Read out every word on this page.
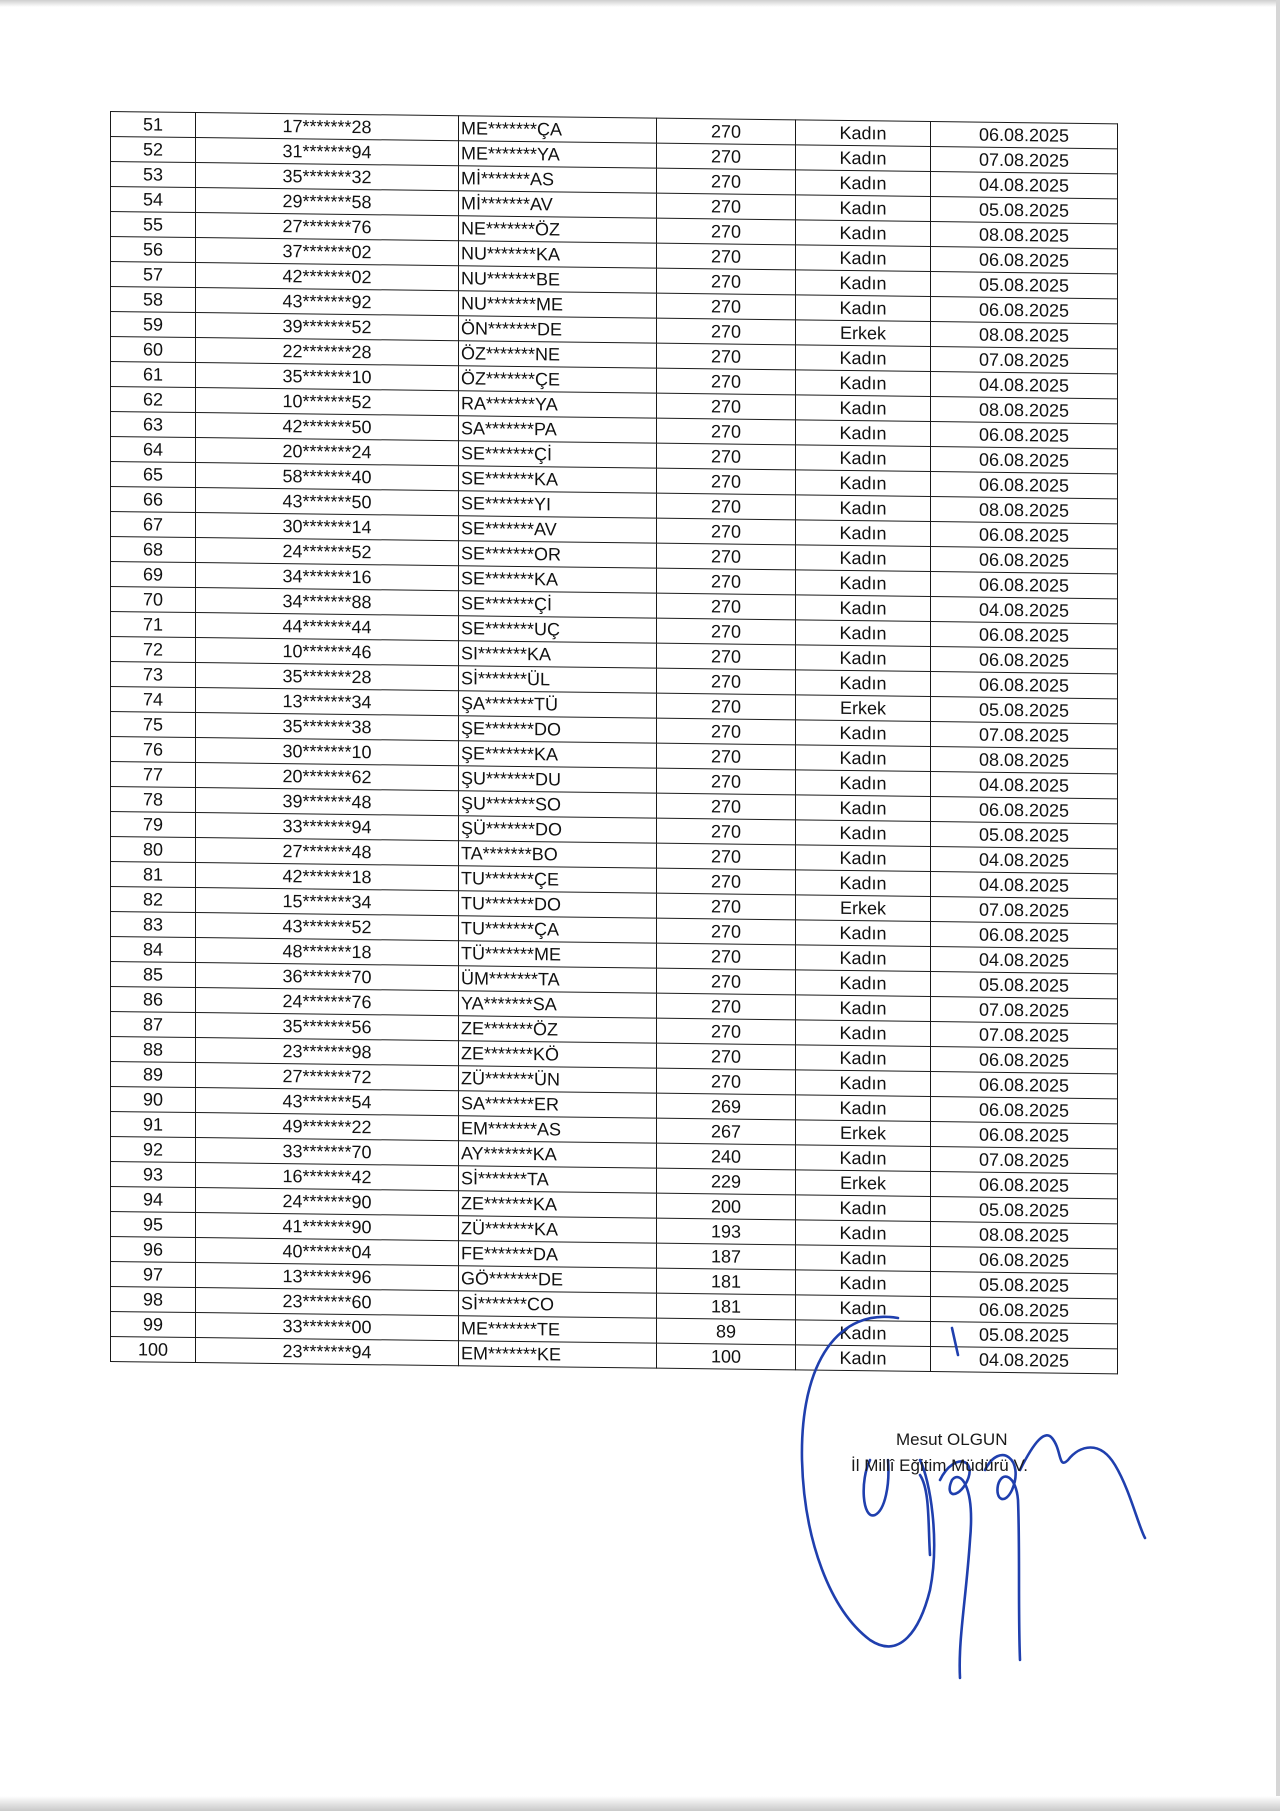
51	17*******28	ME*******ÇA	270	Kadın	06.08.2025
52	31*******94	ME*******YA	270	Kadın	07.08.2025
53	35*******32	Mİ*******AS	270	Kadın	04.08.2025
54	29*******58	Mİ*******AV	270	Kadın	05.08.2025
55	27*******76	NE*******ÖZ	270	Kadın	08.08.2025
56	37*******02	NU*******KA	270	Kadın	06.08.2025
57	42*******02	NU*******BE	270	Kadın	05.08.2025
58	43*******92	NU*******ME	270	Kadın	06.08.2025
59	39*******52	ÖN*******DE	270	Erkek	08.08.2025
60	22*******28	ÖZ*******NE	270	Kadın	07.08.2025
61	35*******10	ÖZ*******ÇE	270	Kadın	04.08.2025
62	10*******52	RA*******YA	270	Kadın	08.08.2025
63	42*******50	SA*******PA	270	Kadın	06.08.2025
64	20*******24	SE*******Çİ	270	Kadın	06.08.2025
65	58*******40	SE*******KA	270	Kadın	06.08.2025
66	43*******50	SE*******YI	270	Kadın	08.08.2025
67	30*******14	SE*******AV	270	Kadın	06.08.2025
68	24*******52	SE*******OR	270	Kadın	06.08.2025
69	34*******16	SE*******KA	270	Kadın	06.08.2025
70	34*******88	SE*******Çİ	270	Kadın	04.08.2025
71	44*******44	SE*******UÇ	270	Kadın	06.08.2025
72	10*******46	SI*******KA	270	Kadın	06.08.2025
73	35*******28	Sİ*******ÜL	270	Kadın	06.08.2025
74	13*******34	ŞA*******TÜ	270	Erkek	05.08.2025
75	35*******38	ŞE*******DO	270	Kadın	07.08.2025
76	30*******10	ŞE*******KA	270	Kadın	08.08.2025
77	20*******62	ŞU*******DU	270	Kadın	04.08.2025
78	39*******48	ŞU*******SO	270	Kadın	06.08.2025
79	33*******94	ŞÜ*******DO	270	Kadın	05.08.2025
80	27*******48	TA*******BO	270	Kadın	04.08.2025
81	42*******18	TU*******ÇE	270	Kadın	04.08.2025
82	15*******34	TU*******DO	270	Erkek	07.08.2025
83	43*******52	TU*******ÇA	270	Kadın	06.08.2025
84	48*******18	TÜ*******ME	270	Kadın	04.08.2025
85	36*******70	ÜM*******TA	270	Kadın	05.08.2025
86	24*******76	YA*******SA	270	Kadın	07.08.2025
87	35*******56	ZE*******ÖZ	270	Kadın	07.08.2025
88	23*******98	ZE*******KÖ	270	Kadın	06.08.2025
89	27*******72	ZÜ*******ÜN	270	Kadın	06.08.2025
90	43*******54	SA*******ER	269	Kadın	06.08.2025
91	49*******22	EM*******AS	267	Erkek	06.08.2025
92	33*******70	AY*******KA	240	Kadın	07.08.2025
93	16*******42	Sİ*******TA	229	Erkek	06.08.2025
94	24*******90	ZE*******KA	200	Kadın	05.08.2025
95	41*******90	ZÜ*******KA	193	Kadın	08.08.2025
96	40*******04	FE*******DA	187	Kadın	06.08.2025
97	13*******96	GÖ*******DE	181	Kadın	05.08.2025
98	23*******60	Sİ*******CO	181	Kadın	06.08.2025
99	33*******00	ME*******TE	89	Kadın	05.08.2025
100	23*******94	EM*******KE	100	Kadın	04.08.2025
Mesut OLGUN
İl Millî Eğitim Müdürü V.
